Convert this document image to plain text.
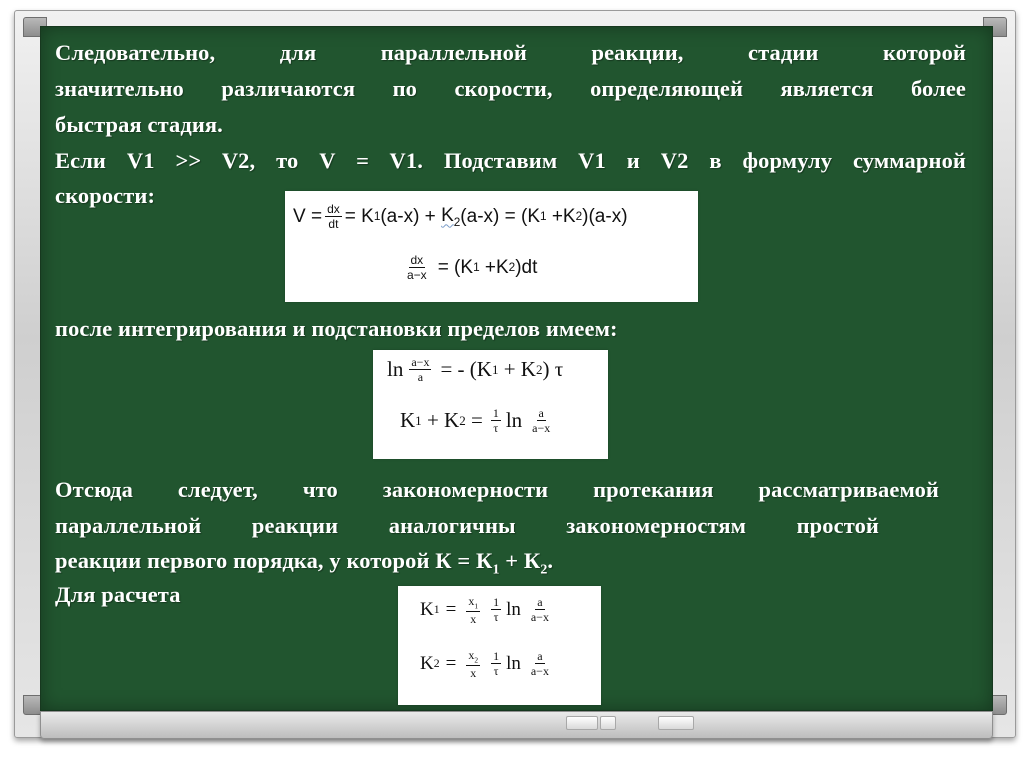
Следовательно, для параллельной реакции, стадии которой
значительно различаются по скорости, определяющей является более
быстрая стадия.
Если V1 >> V2, то V = V1. Подставим V1 и V2 в формулу суммарной
скорости:
$V = \frac{dx}{dt} = K$ 1 $(a-x) + K_2$ (a-x) = (K 1 +K 2 )(a-x)
$\frac{dx}{a-x} = (K$ 1 +K 2 )dt
после интегрирования и подстановки пределов имеем:
$\ln \frac{a-x}{a}$ = - (K 1 + K 2 ) τ
K 1 + K $2 = \frac{1}{\tau}$ $\ln \frac{a}{a-x}$
Отсюда следует, что закономерности протекания рассматриваемой
параллельной реакции аналогичны закономерностям простой
реакции первого порядка, у которой $К = К_1 + К_2$.
Для расчета
K $1 = \frac{x_1}{x} \frac{1}{\tau}$ $\ln \frac{a}{a-x}$
K $2 = \frac{x_2}{x} \frac{1}{\tau}$ $\ln \frac{a}{a-x}$
